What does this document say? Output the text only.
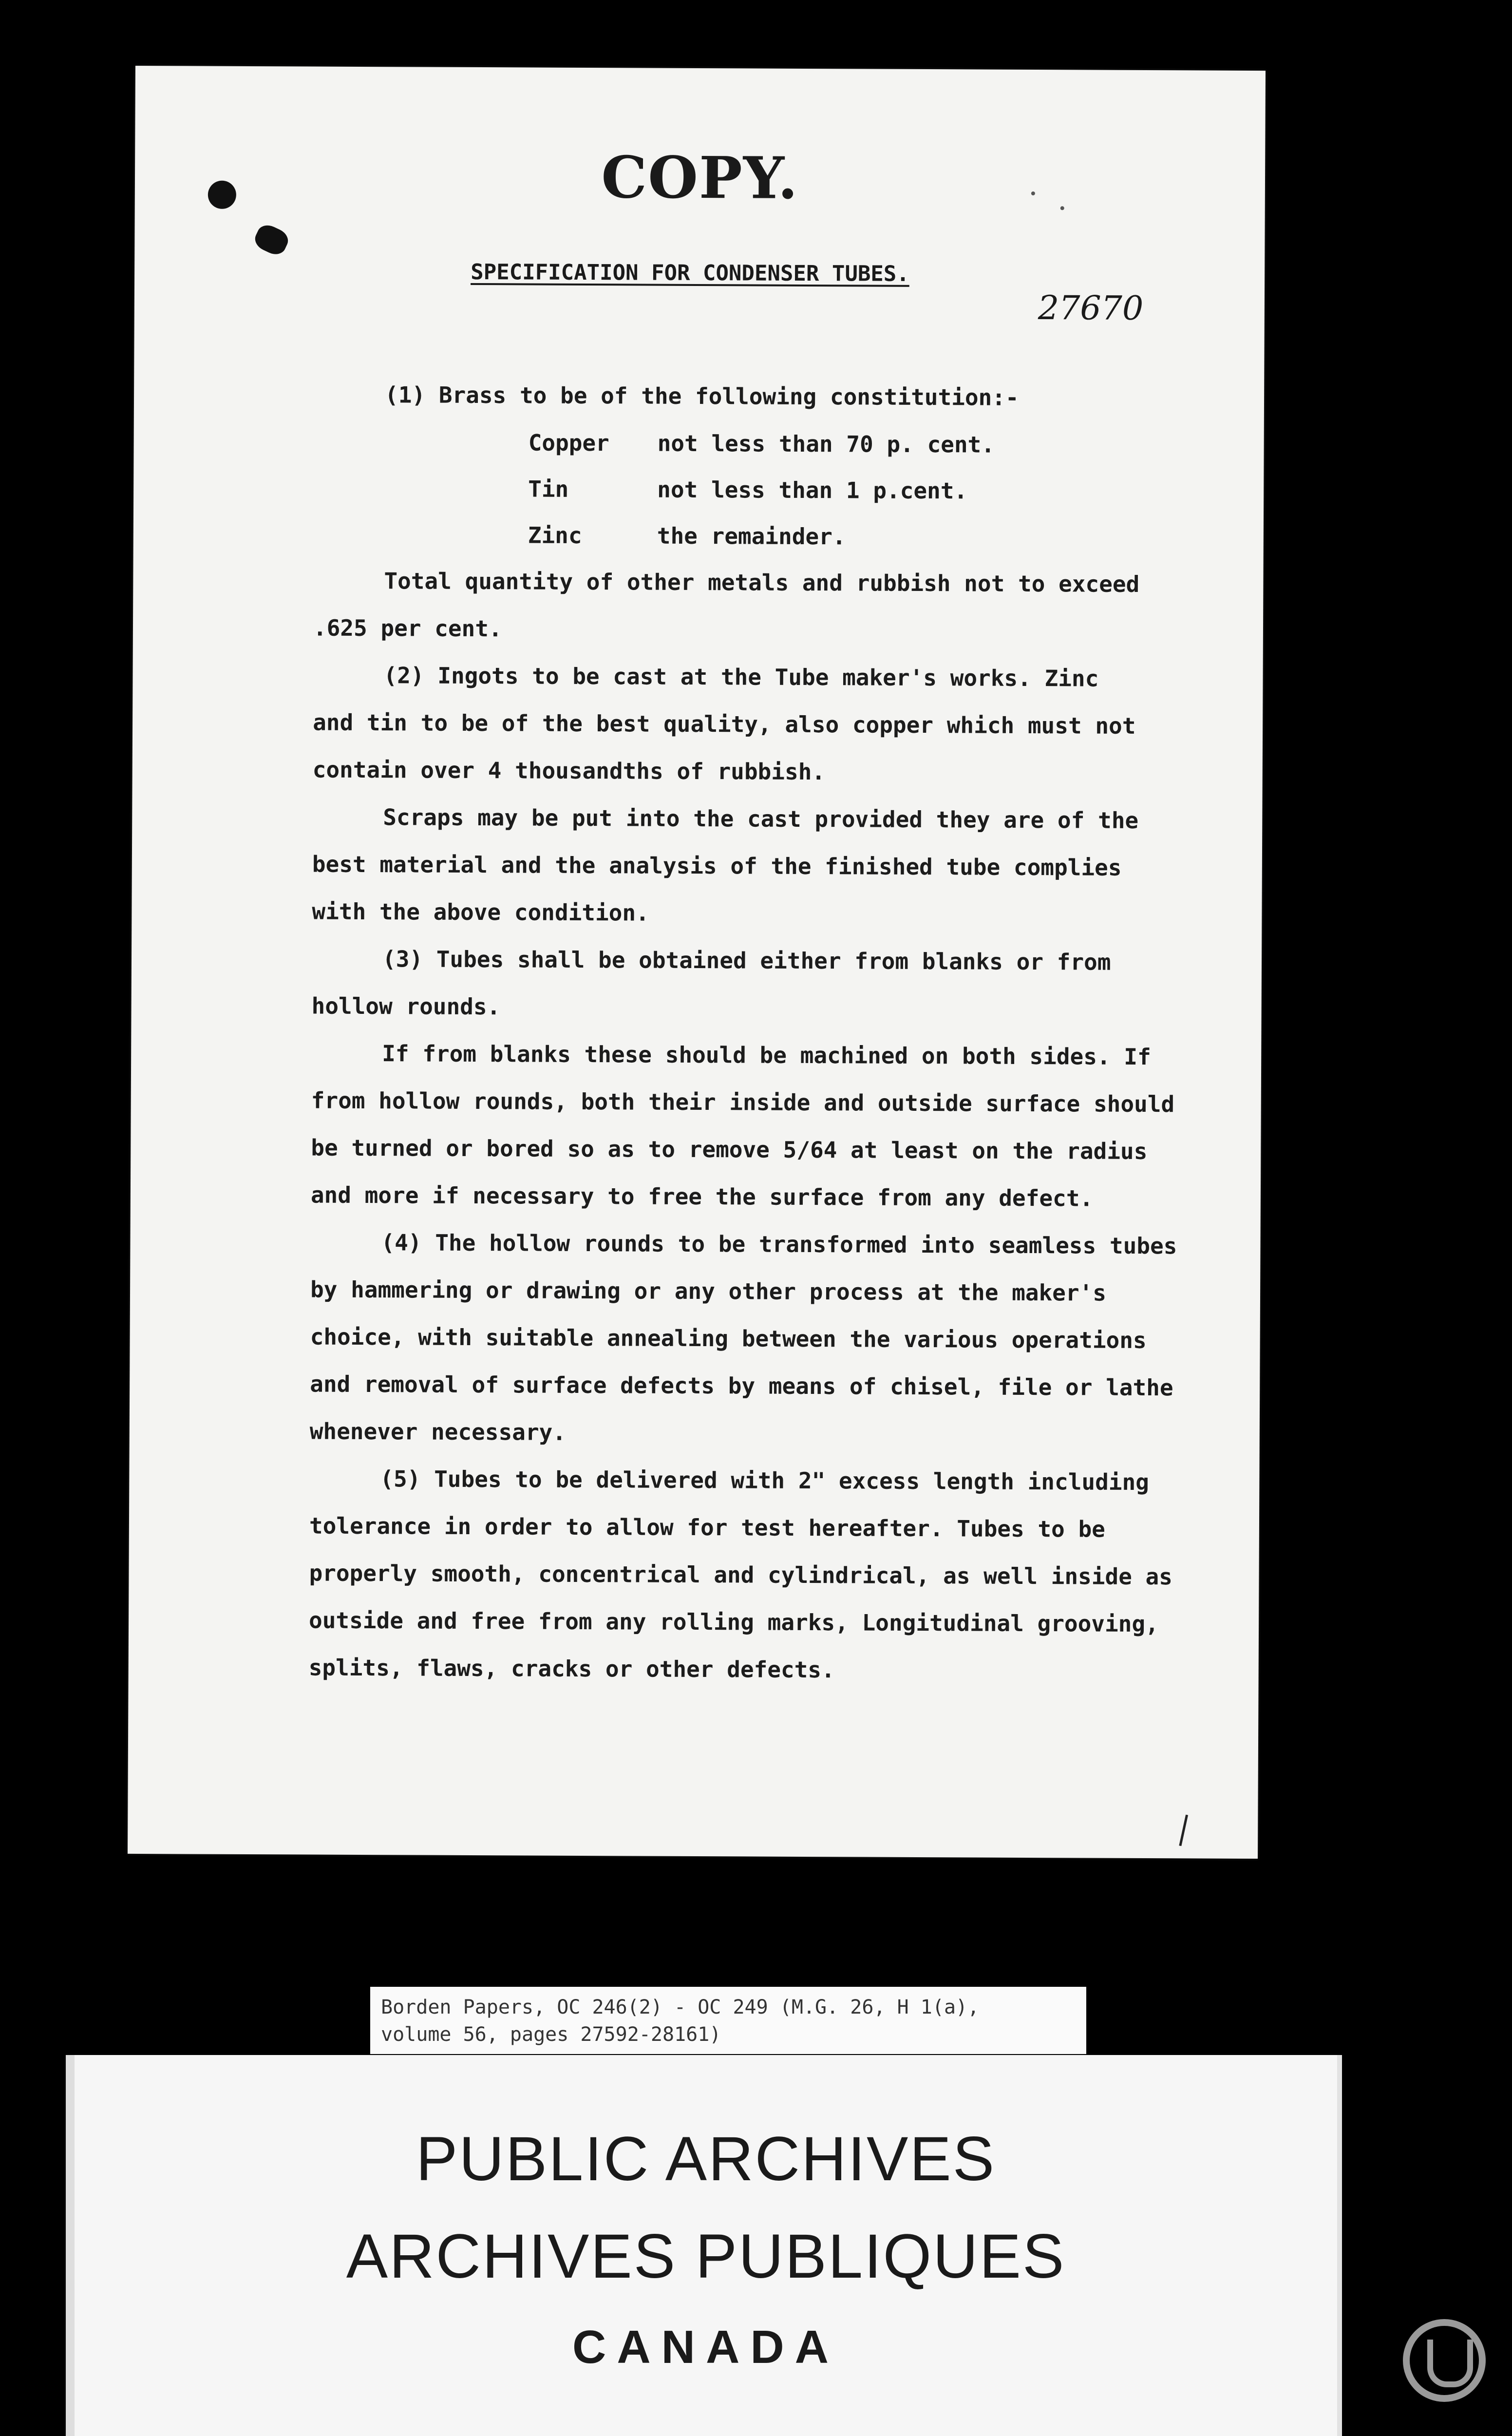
COPY.
SPECIFICATION FOR CONDENSER TUBES.
27670
(1) Brass to be of the following constitution:-
Copper not less than 70 p. cent.
Tin	not less than 1 p.cent.
Zinc	the remainder.
Total quantity of other metals and rubbish not to exceed
.625 per cent.
(2) Ingots to be cast at the Tube maker's works. Zinc
and tin to be of the best quality, also copper which must not
contain over 4 thousandths of rubbish.
Scraps may be put into the cast provided they are of the
best material and the analysis of the finished tube complies
with the above condition.
(3) Tubes shall be obtained either from blanks or from
hollow rounds.
If from blanks these should be machined on both sides. If
from hollow rounds, both their inside and outside surface should
be turned or bored so as to remove 5/64 at least on the radius
and more if necessary to free the surface from any defect.
(4) The hollow rounds to be transformed into seamless tubes
by hammering or drawing or any other process at the maker's
choice, with suitable annealing between the various operations
and removal of surface defects by means of chisel, file or lathe
whenever necessary.
(5) Tubes to be delivered with 2" excess length including
tolerance in order to allow for test hereafter. Tubes to be
properly smooth, concentrical and cylindrical, as well inside as
outside and free from any rolling marks, Longitudinal grooving,
splits, flaws, cracks or other defects.
Borden Papers, OC 246(2) - OC 249 (M.G. 26, H 1(a),
volume 56, pages 27592-28161)
PUBLIC ARCHIVES
ARCHIVES PUBLIQUES
CANADA
